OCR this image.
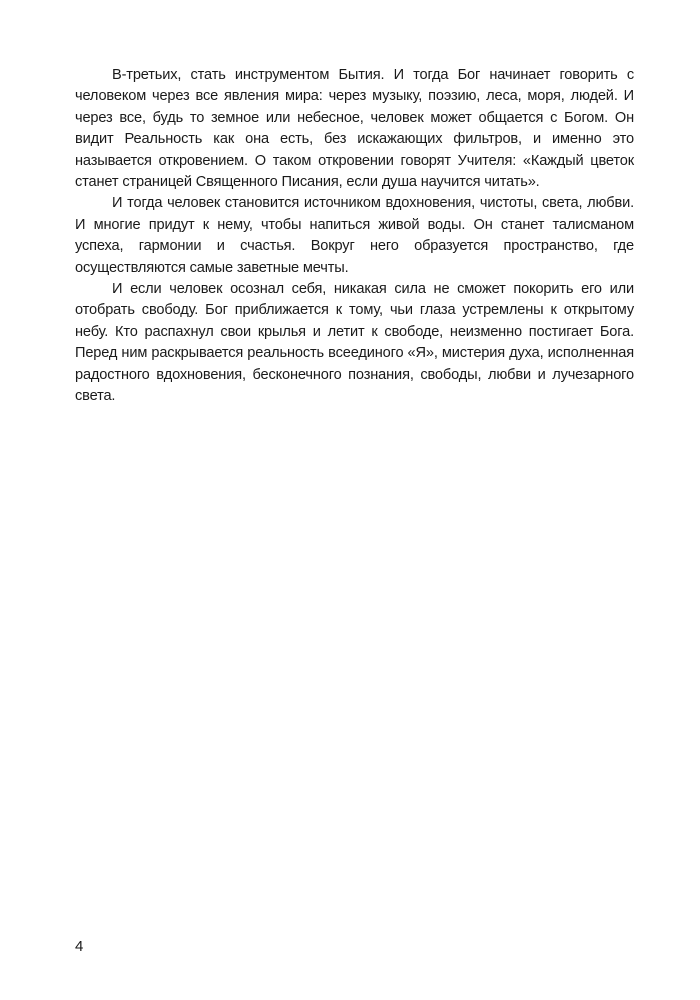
В-третьих, стать инструментом Бытия. И тогда Бог начинает говорить с человеком через все явления мира: через музыку, поэзию, леса, моря, людей. И через все, будь то земное или небесное, человек может общается с Богом. Он видит Реальность как она есть, без искажающих фильтров, и именно это называется откровением. О таком откровении говорят Учителя: «Каждый цветок станет страницей Священного Писания, если душа научится читать».

И тогда человек становится источником вдохновения, чистоты, света, любви. И многие придут к нему, чтобы напиться живой воды. Он станет талисманом успеха, гармонии и счастья. Вокруг него образуется пространство, где осуществляются самые заветные мечты.

И если человек осознал себя, никакая сила не сможет покорить его или отобрать свободу. Бог приближается к тому, чьи глаза устремлены к открытому небу. Кто распахнул свои крылья и летит к свободе, неизменно постигает Бога. Перед ним раскрывается реальность всеединого «Я», мистерия духа, исполненная радостного вдохновения, бесконечного познания, свободы, любви и лучезарного света.

4
